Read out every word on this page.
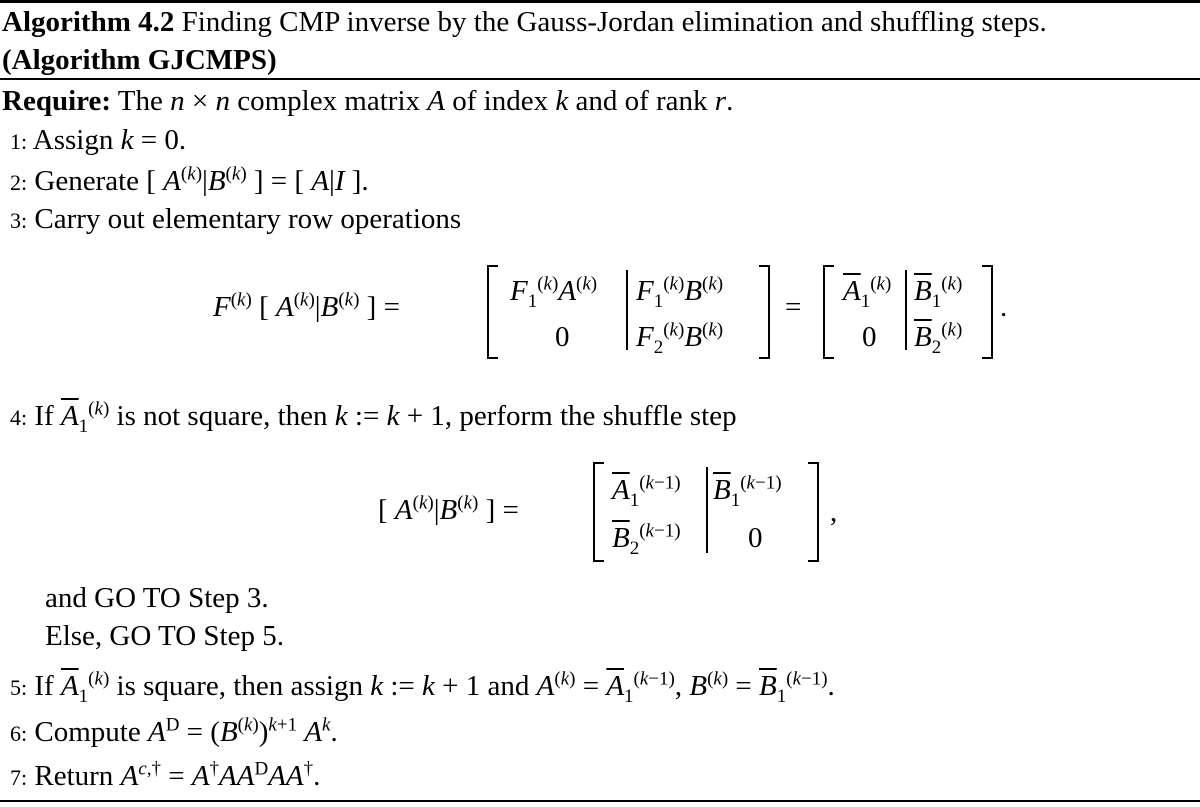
Algorithm 4.2 Finding CMP inverse by the Gauss-Jordan elimination and shuffling steps.
(Algorithm GJCMPS)
Require: The n × n complex matrix A of index k and of rank r.
1: Assign k = 0.
2: Generate [ $A^{(k)}|B^{(k)}$ ] = [ A|I ].
3: Carry out elementary row operations
$F^{(k)}$ [ $A^{(k)}|B^{(k)}$ ] =	$F_1^{(k)}A^{(k)}$
0
$F_1^{(k)}B^{(k)}$
$F_2^{(k)}B^{(k)}$
= $\overline{A}_1^{(k)}$
0
$\overline{B}_1^{(k)}$
$\overline{B}_2^{(k)}$
.
4: If $\overline{A}_1^{(k)}$ is not square, then k := k + 1, perform the shuffle step
[ $A^{(k)}|B^{(k)}$ ] =
$\overline{A}_1^{(k-1)}$
$\overline{B}_2^{(k-1)}$
$\overline{B}_1^{(k-1)}$
0
,
and GO TO Step 3.
Else, GO TO Step 5.
5: If $\overline{A}_1^{(k)}$ is square, then assign k := k + 1 and $A^{(k)} = \overline{A}_1^{(k-1)}$, $B^{(k)} = \overline{B}_1^{(k-1)}$.
6: Compute $A^D = (B^{(k)})^{k+1}$ $A^k$.
7: Return $A^{c,\dagger} = A^\dagger AA^DAA^\dagger$.
